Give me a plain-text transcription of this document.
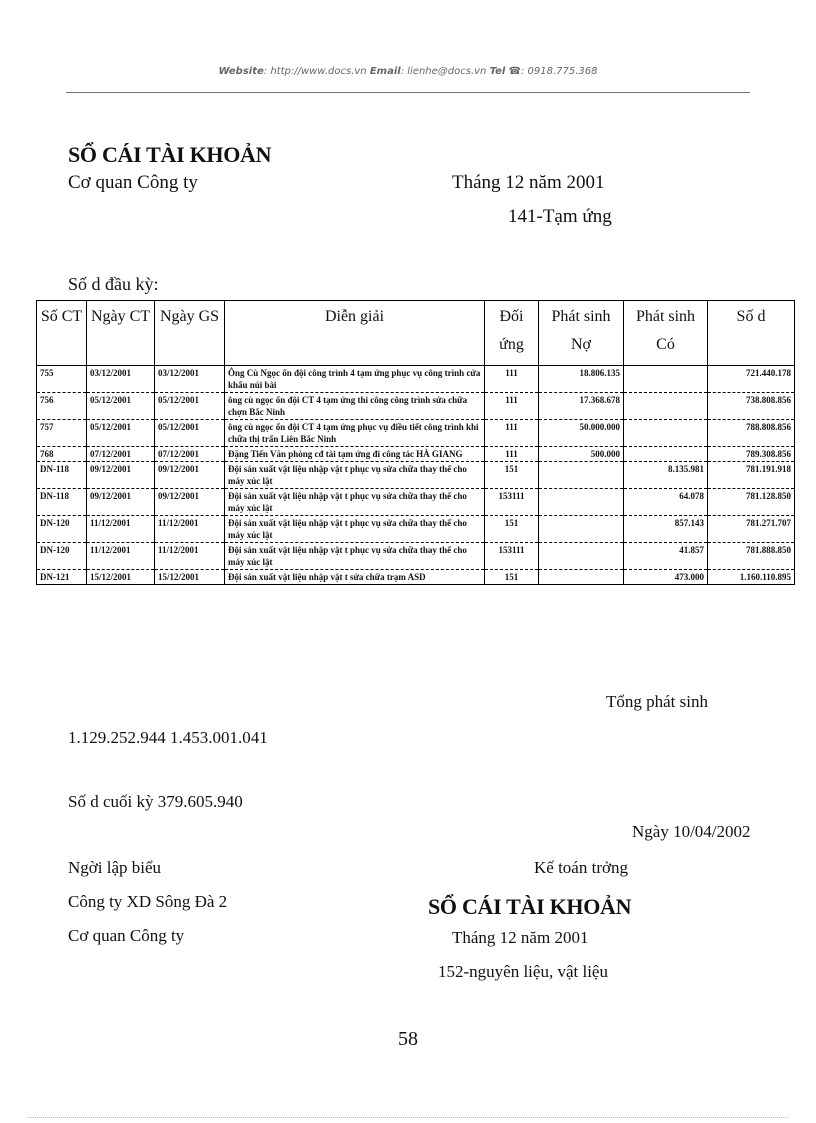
Website: http://www.docs.vn Email: lienhe@docs.vn Tel ☎: 0918.775.368
SỔ CÁI TÀI KHOẢN
Cơ quan Công ty	Tháng 12 năm 2001
141-Tạm ứng
Số d đầu kỳ:
Số CT	Ngày CT	Ngày GS	Diễn giải	Đối ứng	Phát sinh Nợ	Phát sinh Có	Số d
755	03/12/2001	03/12/2001	Ông Cù Ngọc ổn đội công trình 4 tạm ứng phục vụ công trình cửa khẩu núi bài	111	18.806.135		721.440.178
756	05/12/2001	05/12/2001	ông cù ngọc ổn đội CT 4 tạm ứng thi công công trình sửa chữa chợn Bắc Ninh	111	17.368.678		738.808.856
757	05/12/2001	05/12/2001	ông cù ngọc ổn đội CT 4 tạm ứng phục vụ điều tiết công trình khi chữa thị trấn Liên Bắc Ninh	111	50.000.000		788.808.856
768	07/12/2001	07/12/2001	Đặng Tiến Văn phòng cđ tài tạm ứng đi công tác HÀ GIANG	111	500.000		789.308.856
DN-118	09/12/2001	09/12/2001	Đội sản xuất vật liệu nhập vật t phục vụ sửa chữa thay thế cho máy xúc lật	151		8.135.981	781.191.918
DN-118	09/12/2001	09/12/2001	Đội sản xuất vật liệu nhập vật t phục vụ sửa chữa thay thế cho máy xúc lật	153111		64.078	781.128.850
DN-120	11/12/2001	11/12/2001	Đội sản xuất vật liệu nhập vật t phục vụ sửa chữa thay thế cho máy xúc lật	151		857.143	781.271.707
DN-120	11/12/2001	11/12/2001	Đội sản xuất vật liệu nhập vật t phục vụ sửa chữa thay thế cho máy xúc lật	153111		41.857	781.888.850
DN-121	15/12/2001	15/12/2001	Đội sản xuất vật liệu nhập vật t sửa chữa trạm ASD	151		473.000	1.160.110.895
Tổng phát sinh
1.129.252.944 1.453.001.041
Số d cuối kỳ 379.605.940
Ngày 10/04/2002
Ngời lập biểu	Kế toán trởng
Công ty XD Sông Đà 2	SỔ CÁI TÀI KHOẢN
Cơ quan Công ty	Tháng 12 năm 2001
152-nguyên liệu, vật liệu
58
